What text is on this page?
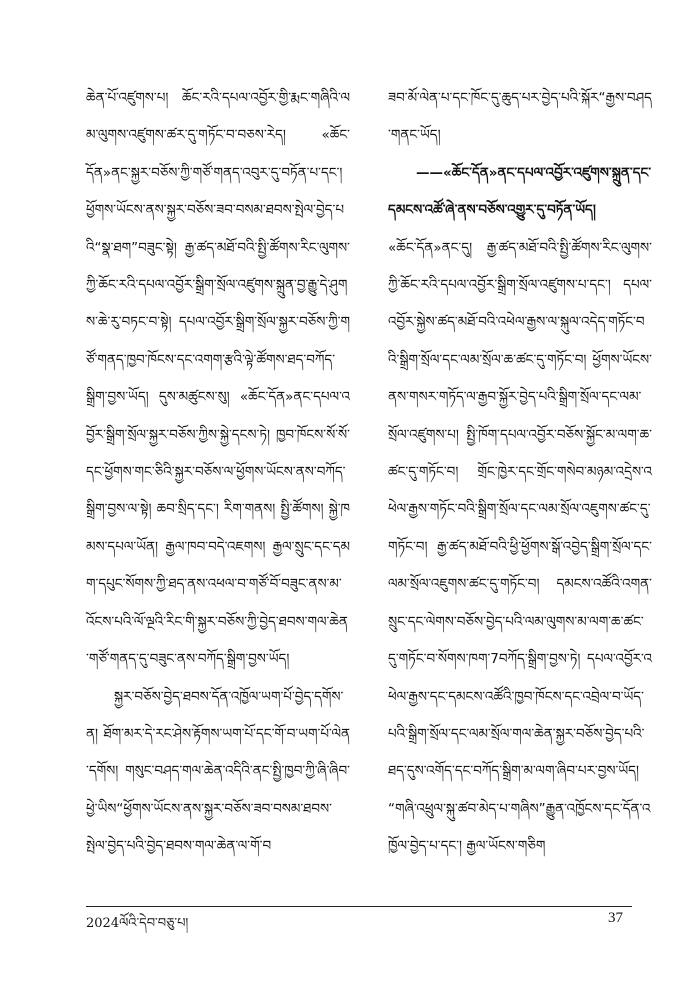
ཆེན་པོ་འཛུགས་པ། ཆོང་རའི་དཔལ་འབྱོར་གྱི་རྨང་གཞིའི་ལམ་ལུགས་འཛུགས་ཚར་དུ་གཏོང་བ་བཅས་རེད། «ཆོང་དོན»ནང་སྐྱར་བཅོས་ཀྱི་གཙོ་གནད་འབུར་དུ་བཏོན་པ་དང་། ཕྱོགས་ཡོངས་ནས་སྐྱར་བཅོས་ཟབ་བསམ་ཐབས་སྤེལ་བྱེད་པའི“སྣ་ཐག”བཟུང་སྟེ། རྒྱ་ཚད་མཐོ་བའི་སྤྱི་ཚོགས་རིང་ལུགས་ཀྱི་ཆོང་རའི་དཔལ་འབྱོར་སྒྲིག་སྲོལ་འཛུགས་སྐྲུན་བྱ་རྒྱུ་དེ་ཤུགས་ཆེ་རུ་བཏང་བ་སྟེ། དཔལ་འབྱོར་སྒྲིག་སྲོལ་སྐྱར་བཅོས་ཀྱི་གཙོ་གནད་ཁྱབ་ཁོངས་དང་འགག་རྩའི་ལྟེ་ཚོགས་ཐད་བཀོད་སྒྲིག་བྱས་ཡོད། དུས་མཚུངས་སུ། «ཆོང་དོན»ནང་དཔལ་འབྱོར་སྒྲིག་སྲོལ་སྐྱར་བཅོས་ཀྱིས་སྐྱེ་དངས་ཏེ། ཁྱབ་ཁོངས་སོ་སོ་དང་ཕྱོགས་གང་ཅིའི་སྐྱར་བཅོས་ལ་ཕྱོགས་ཡོངས་ནས་བཀོད་སྒྲིག་བྱས་ལ་སྟེ། ཆབ་སྲིད་དང་། རིག་གནས། སྤྱི་ཚོགས། སྐྱེ་ཁམས་དཔལ་ཡོན། རྒྱལ་ཁབ་བདེ་འཇགས། རྒྱལ་སྲུང་དང་དམག་དཔུང་སོགས་ཀྱི་ཐད་ནས་འཕལ་བ་གཙོ་བོ་བཟུང་ནས་མ་འོངས་པའི་ལོ་ལྔའི་རིང་གི་སྐྱར་བཅོས་ཀྱི་བྱེད་ཐབས་གལ་ཆེན་གཙོ་གནད་དུ་བཟུང་ནས་བཀོད་སྒྲིག་བྱས་ཡོད།

སྐྱར་བཅོས་བྱེད་ཐབས་དོན་འཁྱོལ་ཡག་པོ་བྱེད་དགོས་ན། ཐོག་མར་དེ་རང་ཤེས་རྟོགས་ཡག་པོ་དང་གོ་བ་ཡག་པོ་ལེན་དགོས། གསུང་བཤད་གལ་ཆེན་འདིའི་ནང་སྤྱི་ཁྱབ་ཀྱི་ཞི་ཞིབ་ཕྱེ་ཡིས“ཕྱོགས་ཡོངས་ནས་སྐྱར་བཅོས་ཟབ་བསམ་ཐབས་སྤེལ་བྱེད་པའི་བྱེད་ཐབས་གལ་ཆེན་ལ་གོ་བ

ཟབ་མོ་ལེན་པ་དང་ཁོང་དུ་ཆུད་པར་བྱེད་པའི་སྐོར“རྒྱས་བཤད་གནང་ཡོད།

——«ཆོང་དོན»ནང་དཔལ་འབྱོར་འཛུགས་སྐྲུན་དང་དམངས་འཚོ་ཞེ་ནས་བཅོས་འགྱུར་དུ་བཏོན་ཡོད།

«ཆོང་དོན»ནང་དུ། རྒྱ་ཚད་མཐོ་བའི་སྤྱི་ཚོགས་རིང་ལུགས་ཀྱི་ཆོང་རའི་དཔལ་འབྱོར་སྒྲིག་སྲོལ་འཛུགས་པ་དང་། དཔལ་འབྱོར་སྐྱེས་ཚད་མཐོ་བའི་འཕེལ་རྒྱས་ལ་སྐུལ་འདེད་གཏོང་བའི་སྒྲིག་སྲོལ་དང་ལམ་སྲོལ་ཆ་ཚང་དུ་གཏོང་བ། ཕྱོགས་ཡོངས་ནས་གསར་གཏོད་ལ་རྒྱབ་སྐྱོར་བྱེད་པའི་སྒྲིག་སྲོལ་དང་ལམ་སྲོལ་འཛུགས་པ། སྤྱི་ཁོག་དཔལ་འབྱོར་བཅོས་སྐྱོང་མ་ལག་ཆ་ཚང་དུ་གཏོང་བ། གྲོང་ཁྱེར་དང་གྲོང་གསེབ་མཉམ་འདྲེས་འཕེལ་རྒྱས་གཏོང་བའི་སྒྲིག་སྲོལ་དང་ལམ་སྲོལ་འཇུགས་ཚང་དུ་གཏོང་བ། རྒྱ་ཚད་མཐོ་བའི་ཕྱི་ཕྱོགས་སྒོ་འབྱེད་སྒྲིག་སྲོལ་དང་ལམ་སྲོལ་འཇུགས་ཚང་དུ་གཏོང་བ། དམངས་འཚོའི་འགན་སྲུང་དང་ལེགས་བཅོས་བྱེད་པའི་ལམ་ལུགས་མ་ལག་ཆ་ཚང་དུ་གཏོང་བ་སོགས་ཁག་7བཀོད་སྒྲིག་བྱས་ཏེ། དཔལ་འབྱོར་འཕེལ་རྒྱས་དང་དམངས་འཚོའི་ཁྱབ་ཁོངས་དང་འབྲེལ་བ་ཡོད་པའི་སྒྲིག་སྲོལ་དང་ལམ་སྲོལ་གལ་ཆེན་སྐྱར་བཅོས་བྱེད་པའི་ཐད་དུས་འགོད་དང་བཀོད་སྒྲིག་མ་ལག་ཞིབ་པར་བྱས་ཡོད། “གཞི་འཕྲུལ་སྐུ་ཚབ་མེད་པ་གཞིས”རྒྱུན་འཁྱོངས་དང་དོན་འཁྱོལ་བྱེད་པ་དང་། རྒྱལ་ཡོངས་གཅིག

2024ལོའི་དེབ་བཅུ་པ།	37
